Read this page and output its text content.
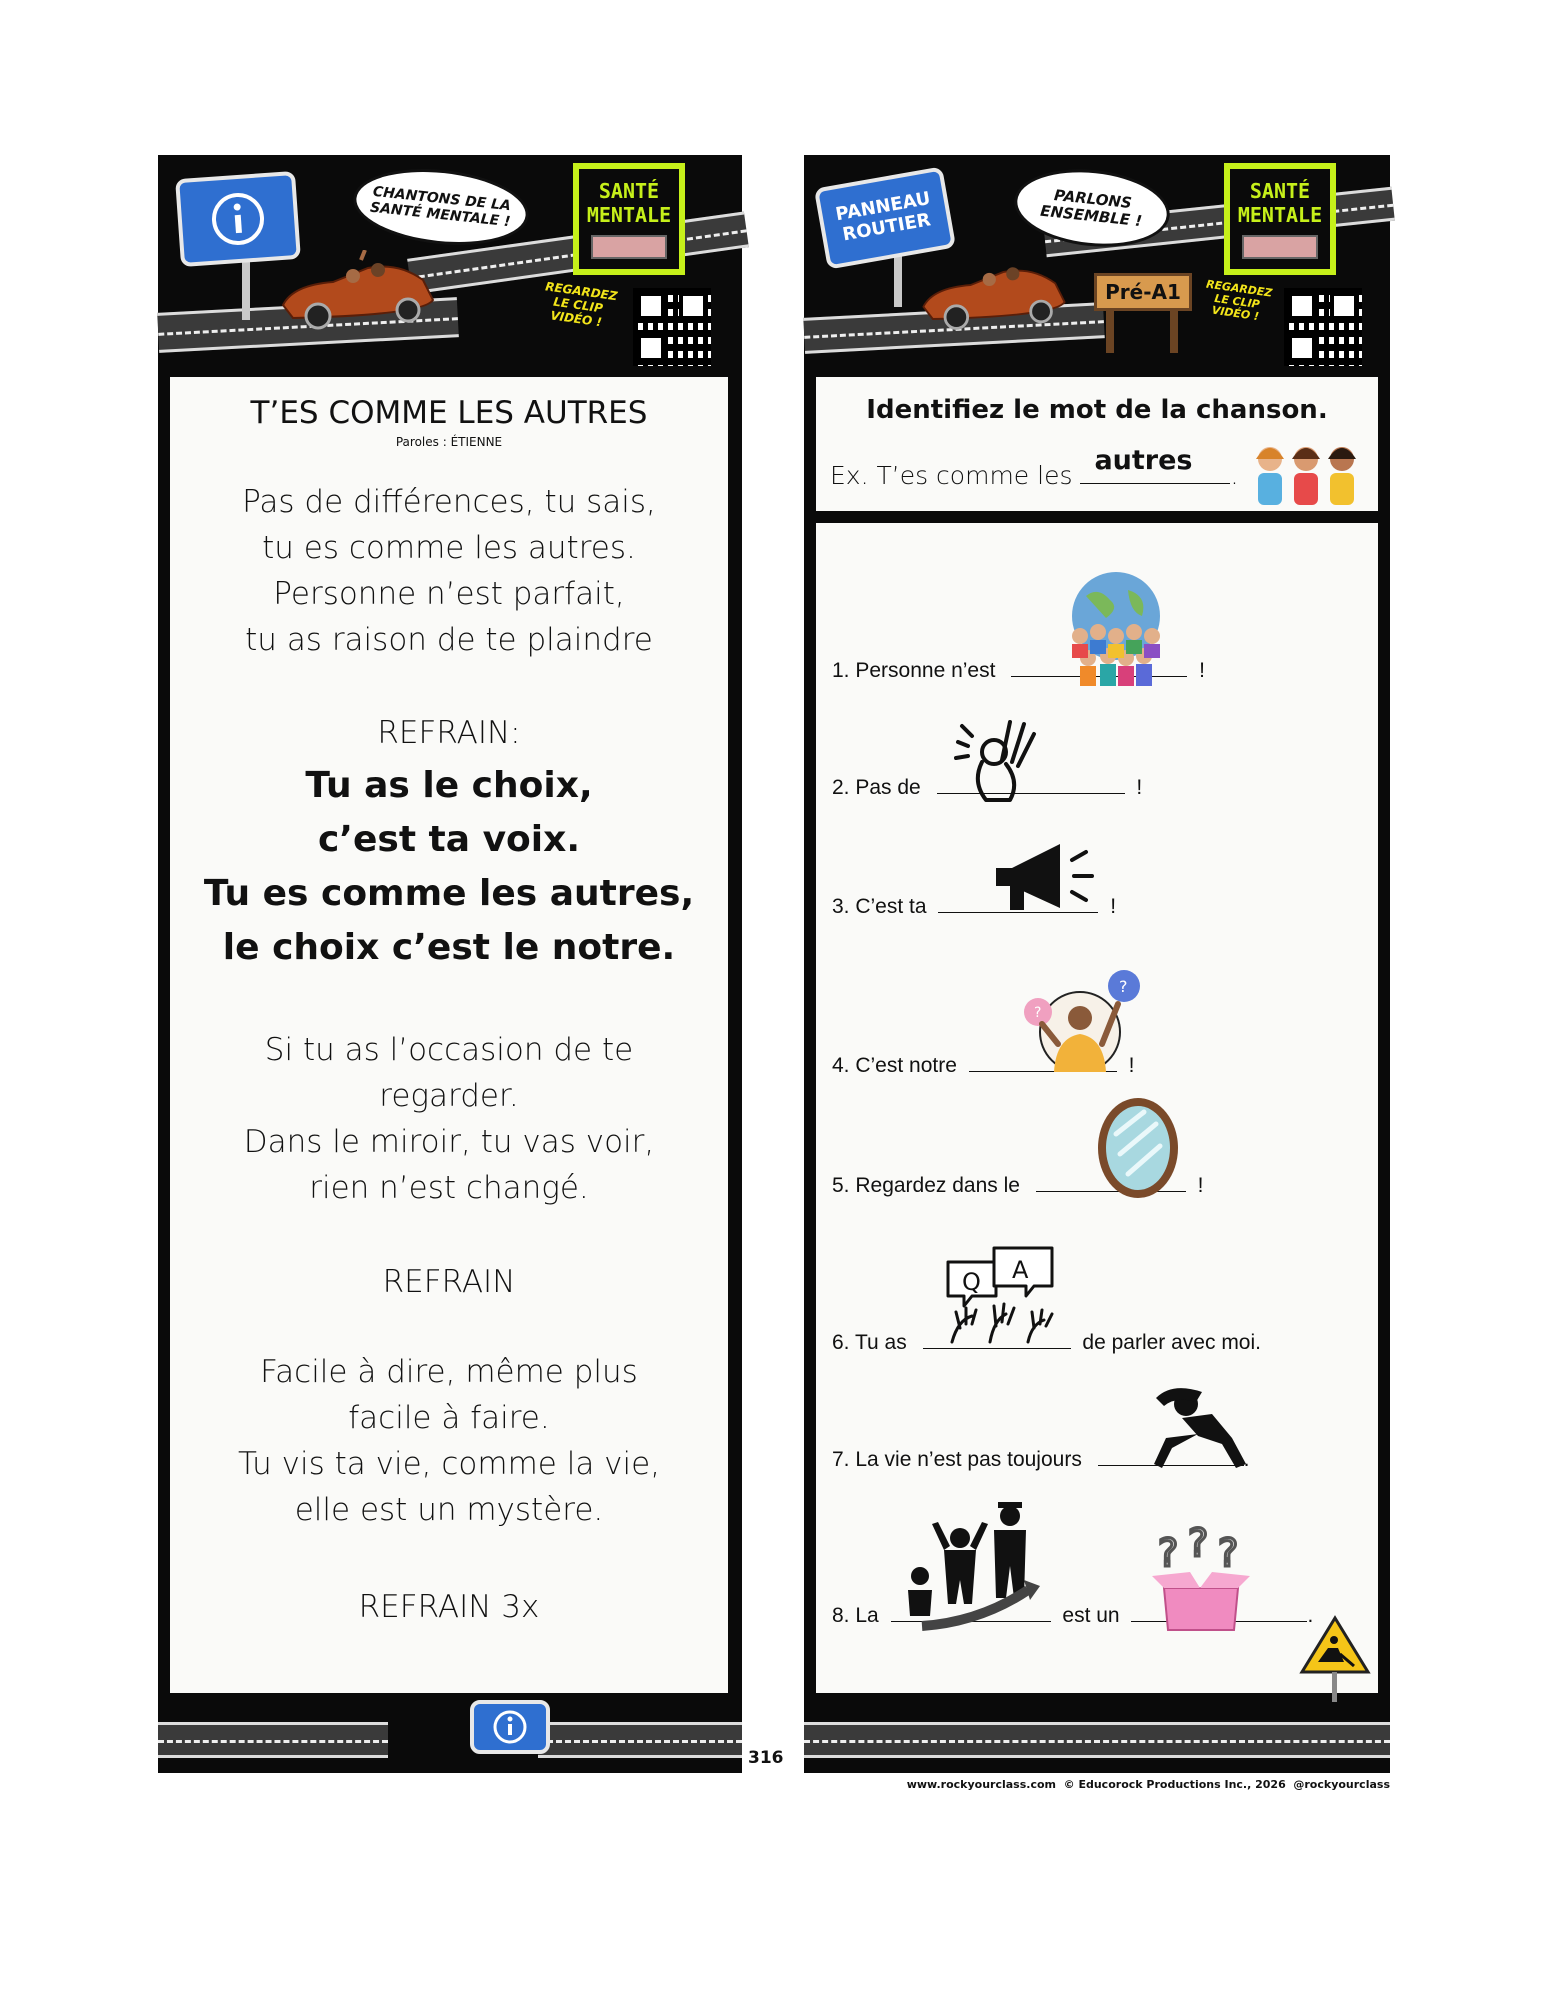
CHANTONS DE LA SANTÉ MENTALE !
SANTÉ MENTALE
REGARDEZ LE CLIP VIDÉO !
T’ES COMME LES AUTRES
Paroles : ÉTIENNE
Pas de différences, tu sais,
tu es comme les autres.
Personne n’est parfait,
tu as raison de te plaindre
REFRAIN:
Tu as le choix,
c’est ta voix.
Tu es comme les autres,
le choix c’est le notre.
Si tu as l’occasion de te
regarder.
Dans le miroir, tu vas voir,
rien n’est changé.
REFRAIN
Facile à dire, même plus
facile à faire.
Tu vis ta vie, comme la vie,
elle est un mystère.
REFRAIN 3x
PANNEAU ROUTIER
PARLONS ENSEMBLE !
Pré-A1
SANTÉ MENTALE
REGARDEZ LE CLIP VIDÉO !
Identifiez le mot de la chanson.
Ex. T’es comme les autres .
1. Personne n’est	!
2. Pas de	!
3. C’est ta	!
4. C’est notre	!
?
?
5. Regardez dans le	!
6. Tu as	de parler avec moi.
Q A
7. La vie n’est pas toujours	.
8. La	est un	.
? ? ?
316
www.rockyourclass.com  © Educorock Productions Inc., 2026  @rockyourclass
